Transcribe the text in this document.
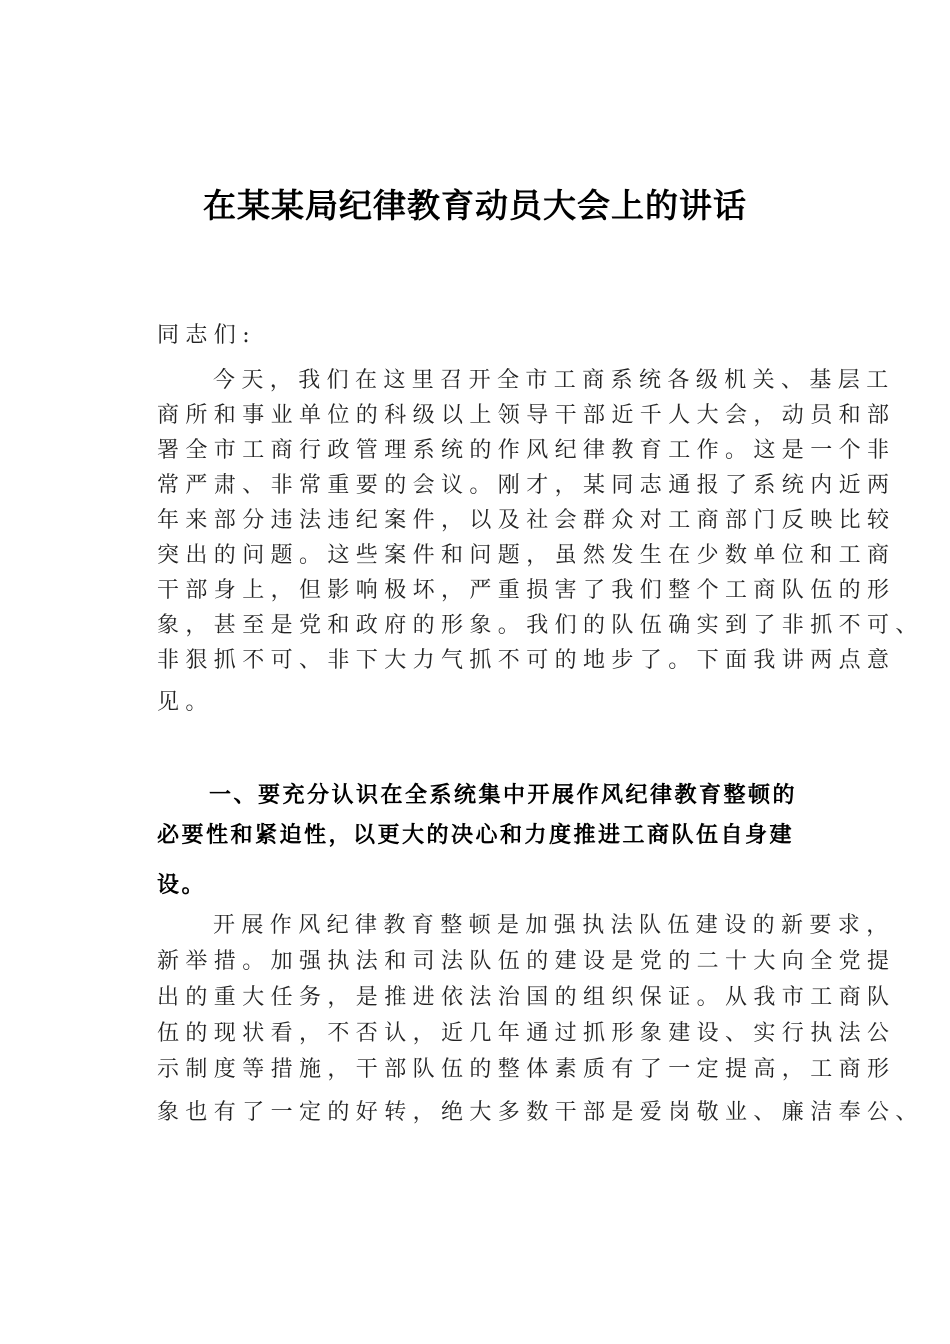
在某某局纪律教育动员大会上的讲话
同志们:
今天，我们在这里召开全市工商系统各级机关、基层工
商所和事业单位的科级以上领导干部近千人大会，动员和部
署全市工商行政管理系统的作风纪律教育工作。这是一个非
常严肃、非常重要的会议。刚才，某同志通报了系统内近两
年来部分违法违纪案件，以及社会群众对工商部门反映比较
突出的问题。这些案件和问题，虽然发生在少数单位和工商
干部身上，但影响极坏，严重损害了我们整个工商队伍的形
象，甚至是党和政府的形象。我们的队伍确实到了非抓不可、
非狠抓不可、非下大力气抓不可的地步了。下面我讲两点意
见。
一、要充分认识在全系统集中开展作风纪律教育整顿的
必要性和紧迫性，以更大的决心和力度推进工商队伍自身建
设。
开展作风纪律教育整顿是加强执法队伍建设的新要求，
新举措。加强执法和司法队伍的建设是党的二十大向全党提
出的重大任务，是推进依法治国的组织保证。从我市工商队
伍的现状看，不否认，近几年通过抓形象建设、实行执法公
示制度等措施，干部队伍的整体素质有了一定提高，工商形
象也有了一定的好转，绝大多数干部是爱岗敬业、廉洁奉公、
